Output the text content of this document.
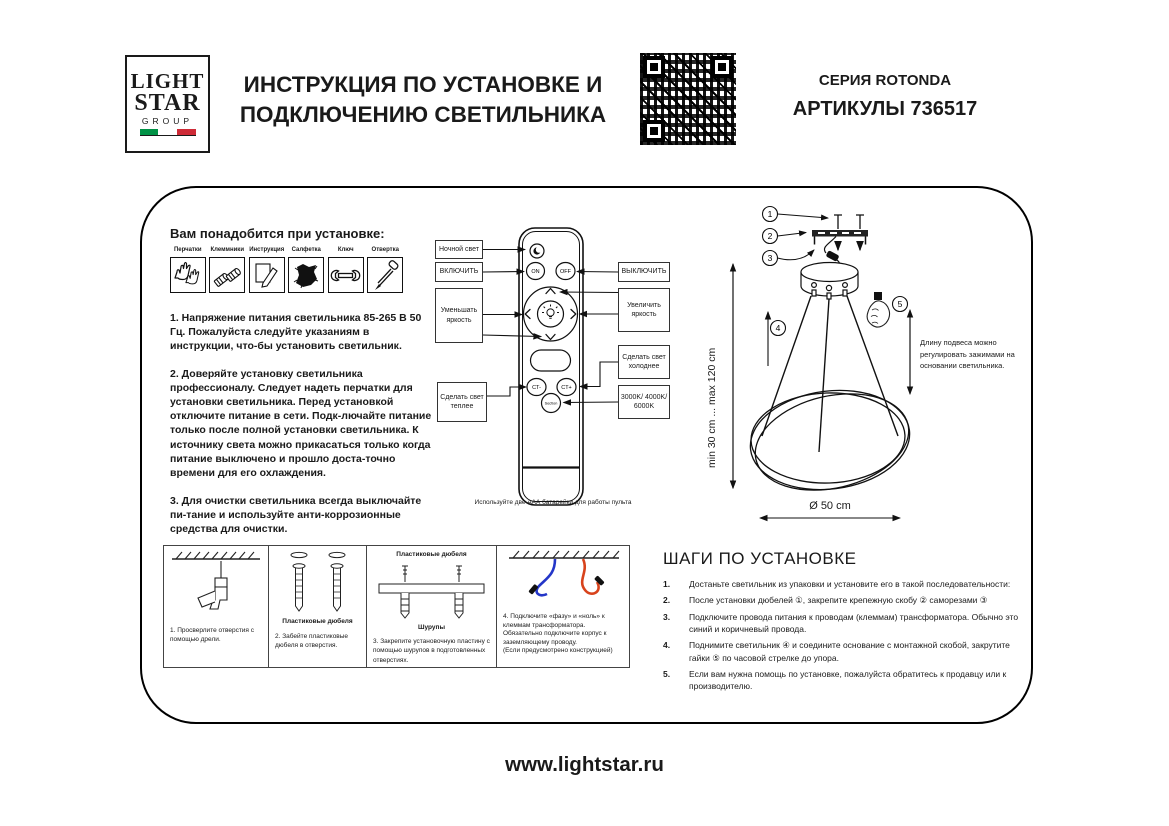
LIGHT
STAR
GROUP
ИНСТРУКЦИЯ ПО УСТАНОВКЕ И
ПОДКЛЮЧЕНИЮ СВЕТИЛЬНИКА
СЕРИЯ ROTONDA
АРТИКУЛЫ 736517
Вам понадобится при установке:
Перчатки Клеммники Инструкция Салфетка	Ключ	Отвертка

1. Напряжение питания светильника 85-265 В 50 Гц. Пожалуйста следуйте указаниям в инструкции, что-бы установить светильник.

2. Доверяйте установку светильника профессионалу. Следует надеть перчатки для установки светильника. Перед установкой отключите питание в сети. Подк-лючайте питание только после полной установки светильника. К источнику света можно прикасаться только когда питание выключено и прошло доста-точно времени для его охлаждения.

3. Для очистки светильника всегда выключайте пи-тание и используйте анти-коррозионные средства для очистки.

ON	OFF
CT-	CT+
Section
Ночной свет
ВКЛЮЧИТЬ
Уменьшать яркость
Сделать свет теплее
ВЫКЛЮЧИТЬ
Увеличить яркость
Сделать свет холоднее
3000K/ 4000K/ 6000K
Используйте две ААА батарейки для работы пульта
1
2
3
4
5
min 30 cm ... max 120 cm
Длину подвеса можно регулировать зажимами на основании светильника.
Ø 50 cm
1. Просверлите отверстия с помощью дрели.
Пластиковые дюбеля
2. Забейте пластиковые дюбеля в отверстия.
Пластиковые дюбеля
Шурупы
3. Закрепите установочную пластину с помощью шурупов в подготовленных отверстиях.
4. Подключите «фазу» и «ноль» к клеммам трансформатора.
Обязательно подключите корпус к заземляющему проводу.
(Если предусмотрено конструкцией)
ШАГИ ПО УСТАНОВКЕ
1.	Достаньте светильник из упаковки и установите его в такой последовательности:
2.	После установки дюбелей ①, закрепите крепежную скобу ② саморезами ③
3.	Подключите провода питания к проводам (клеммам) трансформатора. Обычно это синий и коричневый провода.
4.	Поднимите светильник ④ и соедините основание с монтажной скобой, закрутите гайки ⑤ по часовой стрелке до упора.
5.	Если вам нужна помощь по установке, пожалуйста обратитесь к продавцу или к производителю.
www.lightstar.ru
